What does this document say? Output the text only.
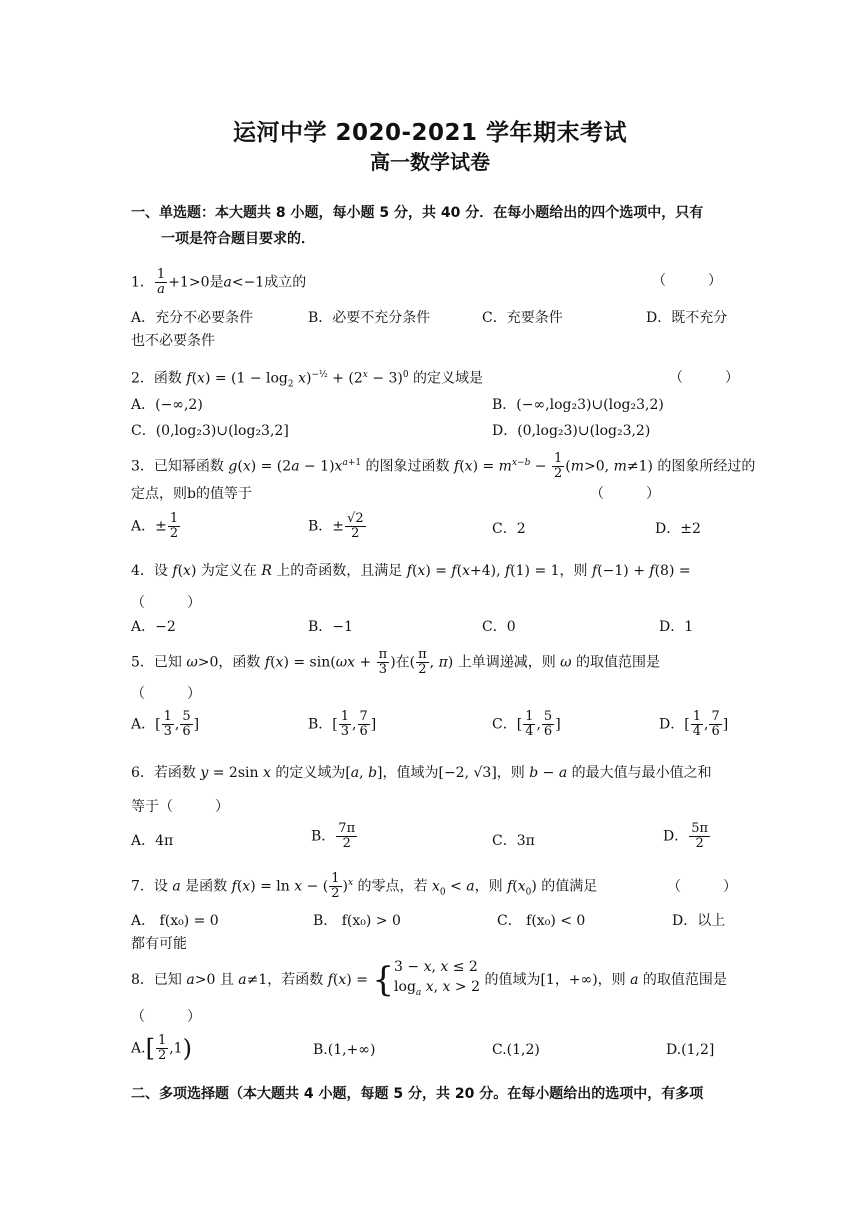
运河中学 2020-2021 学年期末考试
高一数学试卷
一、单选题：本大题共 8 小题，每小题 5 分，共 40 分．在每小题给出的四个选项中，只有
一项是符合题目要求的．
1． $\frac{1}{a} +1>0$是a<−1成立的	（　　　）
A．充分不必要条件	B．必要不充分条件	C．充要条件	D．既不充分
也不必要条件
2．函数 $f(x) = (1 - \log_2 x)^{-\frac{1}{2}} + (2^x - 3)^0$ 的定义域是	（　　　）
A．(−∞,2)	B．(−∞,log₂3)∪(log₂3,2)
C．(0,log₂3)∪(log₂3,2]	D．(0,log₂3)∪(log₂3,2)
3．已知幂函数 $g(x) = (2a - 1)x^{a+1}$ 的图象过函数 $f(x) = m^{x-b} - \frac{1}{2} (m>0$, m≠1) 的图象所经过的
定点，则b的值等于	（　　　）
A．± $\frac{1}{2}$	B．± $\frac{√2}{2}$	C．2	D．±2
4．设 f(x) 为定义在 R 上的奇函数，且满足 f(x) = f(x+4), f(1) = 1，则 f(−1) + f(8) =
（　　　）
A．−2	B．−1	C．0	D．1
5．已知 ω>0，函数 $f(x) = \sin(\omega x + \frac{\pi}{3}$ )在( $\frac{\pi}{2}$ , π) 上单调递减，则 ω 的取值范围是
（　　　）
A．[ $\frac{1}{3}$ , $\frac{5}{6}$ ]	B．[ $\frac{1}{3}$ , $\frac{7}{6}$ ]	C．[ $\frac{1}{4}$ , $\frac{5}{6}$ ]	D．[ $\frac{1}{4}$ , $\frac{7}{6}$ ]
6．若函数 y = 2sin x 的定义域为[a, b]，值域为[−2, √3]，则 b − a 的最大值与最小值之和
等于（　　　）
A．4π	B． $\frac{7\pi}{2}$	C．3π	D． $\frac{5\pi}{2}$
7．设 a 是函数 f(x) = ln x − ( $\frac{1}{2} )^x$ 的零点，若 $x_0 < a$，则 $f(x_0)$ 的值满足	（　　　）
A． f(x₀) = 0	B． f(x₀) > 0	C． f(x₀) < 0	D．以上
都有可能
8．已知 a>0 且 a≠1，若函数 f(x) = {3 − x, x ≤ 2
$\log_a x$, x > 2 的值域为[1，+∞)，则 a 的取值范围是
（　　　）
$A.[ \frac{1}{2} ,1)$	B.(1,+∞)	C.(1,2)	D.(1,2]
二、多项选择题（本大题共 4 小题，每题 5 分，共 20 分。在每小题给出的选项中，有多项
